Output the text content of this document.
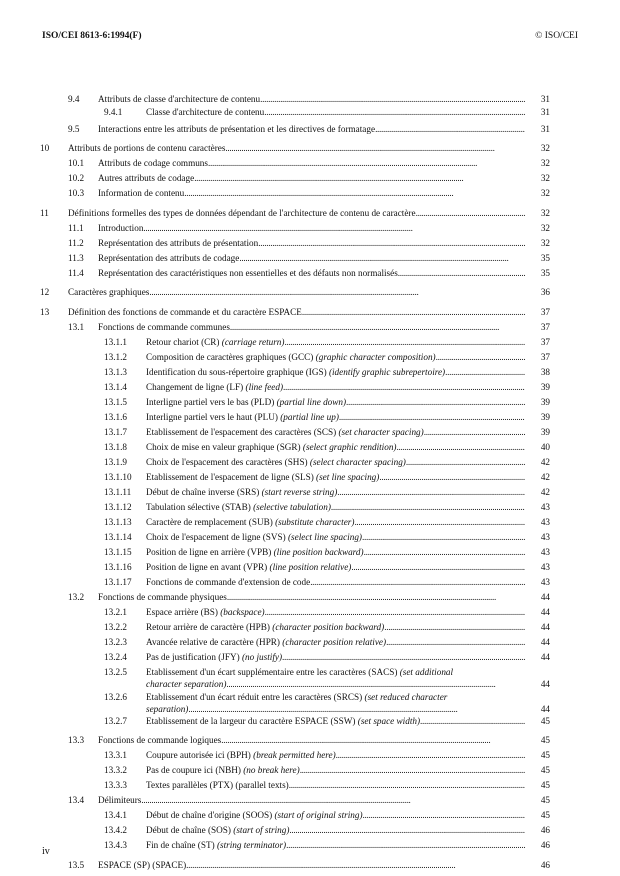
ISO/CEI 8613-6:1994(F)	© ISO/CEI
9.4 Attributs de classe d'architecture de contenu . . .	31
9.4.1	Classe d'architecture de contenu . . .	31
9.5 Interactions entre les attributs de présentation et les directives de formatage . . .	31
10 Attributs de portions de contenu caractères . . .	32
10.1 Attributs de codage communs . . .	32
10.2 Autres attributs de codage . . .	32
10.3 Information de contenu . . .	32
11 Définitions formelles des types de données dépendant de l'architecture de contenu de caractère . . .	32
11.1 Introduction . . .	32
11.2 Représentation des attributs de présentation . . .	32
11.3 Représentation des attributs de codage . . .	35
11.4 Représentation des caractéristiques non essentielles et des défauts non normalisés . . .	35
12 Caractères graphiques . . .	36
13 Définition des fonctions de commande et du caractère ESPACE . . .	37
13.1 Fonctions de commande communes . . .	37
13.1.1 Retour chariot (CR) (carriage return) . . .	37
13.1.2 Composition de caractères graphiques (GCC) (graphic character composition) . . .	37
13.1.3 Identification du sous-répertoire graphique (IGS) (identify graphic subrepertoire) . . .	38
13.1.4 Changement de ligne (LF) (line feed) . . .	39
13.1.5 Interligne partiel vers le bas (PLD) (partial line down) . . .	39
13.1.6 Interligne partiel vers le haut (PLU) (partial line up) . . .	39
13.1.7 Etablissement de l'espacement des caractères (SCS) (set character spacing) . . .	39
13.1.8 Choix de mise en valeur graphique (SGR) (select graphic rendition) . . .	40
13.1.9 Choix de l'espacement des caractères (SHS) (select character spacing) . . .	42
13.1.10 Etablissement de l'espacement de ligne (SLS) (set line spacing) . . .	42
13.1.11 Début de chaîne inverse (SRS) (start reverse string) . . .	42
13.1.12 Tabulation sélective (STAB) (selective tabulation) . . .	43
13.1.13 Caractère de remplacement (SUB) (substitute character) . . .	43
13.1.14 Choix de l'espacement de ligne (SVS) (select line spacing) . . .	43
13.1.15 Position de ligne en arrière (VPB) (line position backward) . . .	43
13.1.16 Position de ligne en avant (VPR) (line position relative) . . .	43
13.1.17 Fonctions de commande d'extension de code . . .	43
13.2 Fonctions de commande physiques . . .	44
13.2.1 Espace arrière (BS) (backspace) . . .	44
13.2.2 Retour arrière de caractère (HPB) (character position backward) . . .	44
13.2.3 Avancée relative de caractère (HPR) (character position relative) . . .	44
13.2.4 Pas de justification (JFY) (no justify) . . .	44
13.2.5 Etablissement d'un écart supplémentaire entre les caractères (SACS) (set additional
character separation) . . .	44
13.2.6 Etablissement d'un écart réduit entre les caractères (SRCS) (set reduced character
separation) . . .	44
13.2.7 Etablissement de la largeur du caractère ESPACE (SSW) (set space width) . . .	45
13.3 Fonctions de commande logiques . . .	45
13.3.1 Coupure autorisée ici (BPH) (break permitted here) . . .	45
13.3.2 Pas de coupure ici (NBH) (no break here) . . .	45
13.3.3 Textes parallèles (PTX) (parallel texts) . . .	45
13.4 Délimiteurs . . .	45
13.4.1 Début de chaîne d'origine (SOOS) (start of original string) . . .	45
13.4.2 Début de chaîne (SOS) (start of string) . . .	46
13.4.3 Fin de chaîne (ST) (string terminator) . . .	46
13.5 ESPACE (SP) (SPACE) . . .	46
iv
